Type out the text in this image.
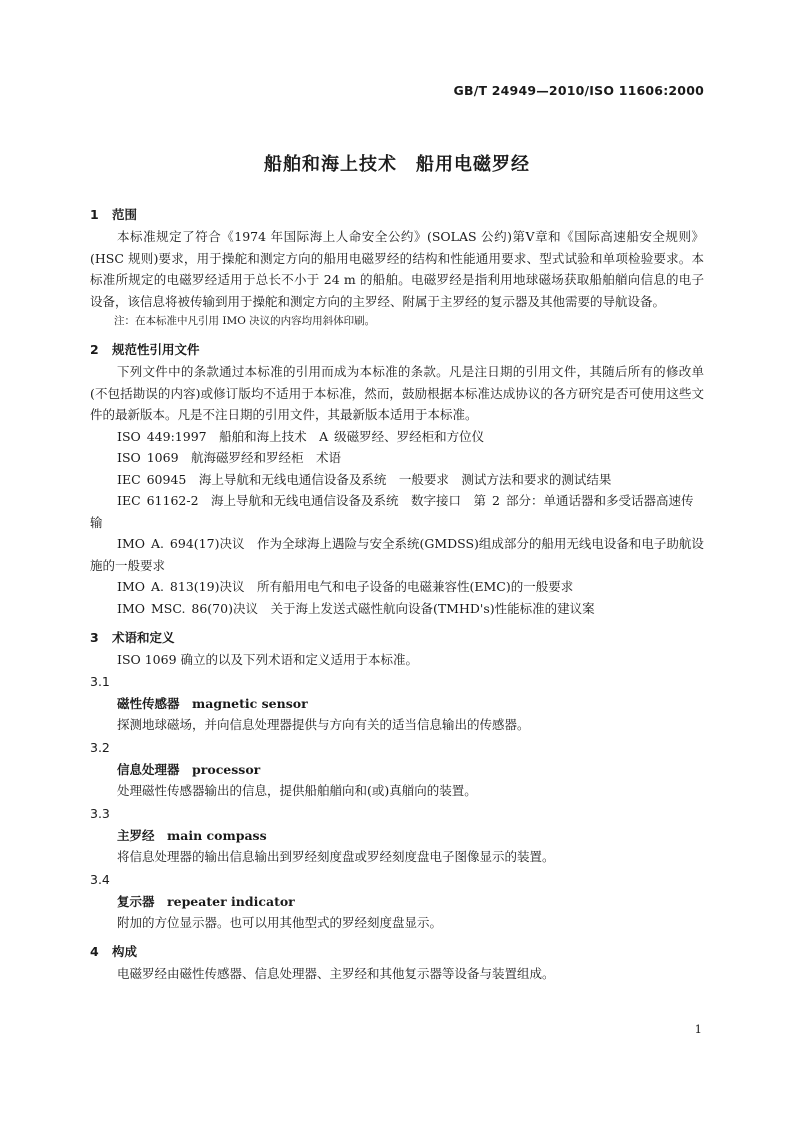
GB/T 24949—2010/ISO 11606:2000
船舶和海上技术　船用电磁罗经
1 范围

本标准规定了符合《1974 年国际海上人命安全公约》(SOLAS 公约)第Ⅴ章和《国际高速船安全规则》(HSC 规则)要求，用于操舵和测定方向的船用电磁罗经的结构和性能通用要求、型式试验和单项检验要求。本标准所规定的电磁罗经适用于总长不小于 24 m 的船舶。电磁罗经是指利用地球磁场获取船舶艏向信息的电子设备，该信息将被传输到用于操舵和测定方向的主罗经、附属于主罗经的复示器及其他需要的导航设备。

注：在本标准中凡引用 IMO 决议的内容均用斜体印刷。

2 规范性引用文件

下列文件中的条款通过本标准的引用而成为本标准的条款。凡是注日期的引用文件，其随后所有的修改单(不包括勘误的内容)或修订版均不适用于本标准，然而，鼓励根据本标准达成协议的各方研究是否可使用这些文件的最新版本。凡是不注日期的引用文件，其最新版本适用于本标准。

ISO 449:1997　船舶和海上技术　A 级磁罗经、罗经柜和方位仪

ISO 1069　航海磁罗经和罗经柜　术语

IEC 60945　海上导航和无线电通信设备及系统　一般要求　测试方法和要求的测试结果

IEC 61162-2　海上导航和无线电通信设备及系统　数字接口　第 2 部分：单通话器和多受话器高速传输

IMO A. 694(17)决议　作为全球海上遇险与安全系统(GMDSS)组成部分的船用无线电设备和电子助航设施的一般要求

IMO A. 813(19)决议　所有船用电气和电子设备的电磁兼容性(EMC)的一般要求

IMO MSC. 86(70)决议　关于海上发送式磁性航向设备(TMHD's)性能标准的建议案

3 术语和定义

ISO 1069 确立的以及下列术语和定义适用于本标准。

3.1
磁性传感器　 magnetic sensor

探测地球磁场，并向信息处理器提供与方向有关的适当信息输出的传感器。

3.2
信息处理器　 processor

处理磁性传感器输出的信息，提供船舶艏向和(或)真艏向的装置。

3.3
主罗经　 main compass

将信息处理器的输出信息输出到罗经刻度盘或罗经刻度盘电子图像显示的装置。

3.4
复示器　 repeater indicator

附加的方位显示器。也可以用其他型式的罗经刻度盘显示。

4 构成

电磁罗经由磁性传感器、信息处理器、主罗经和其他复示器等设备与装置组成。

1
